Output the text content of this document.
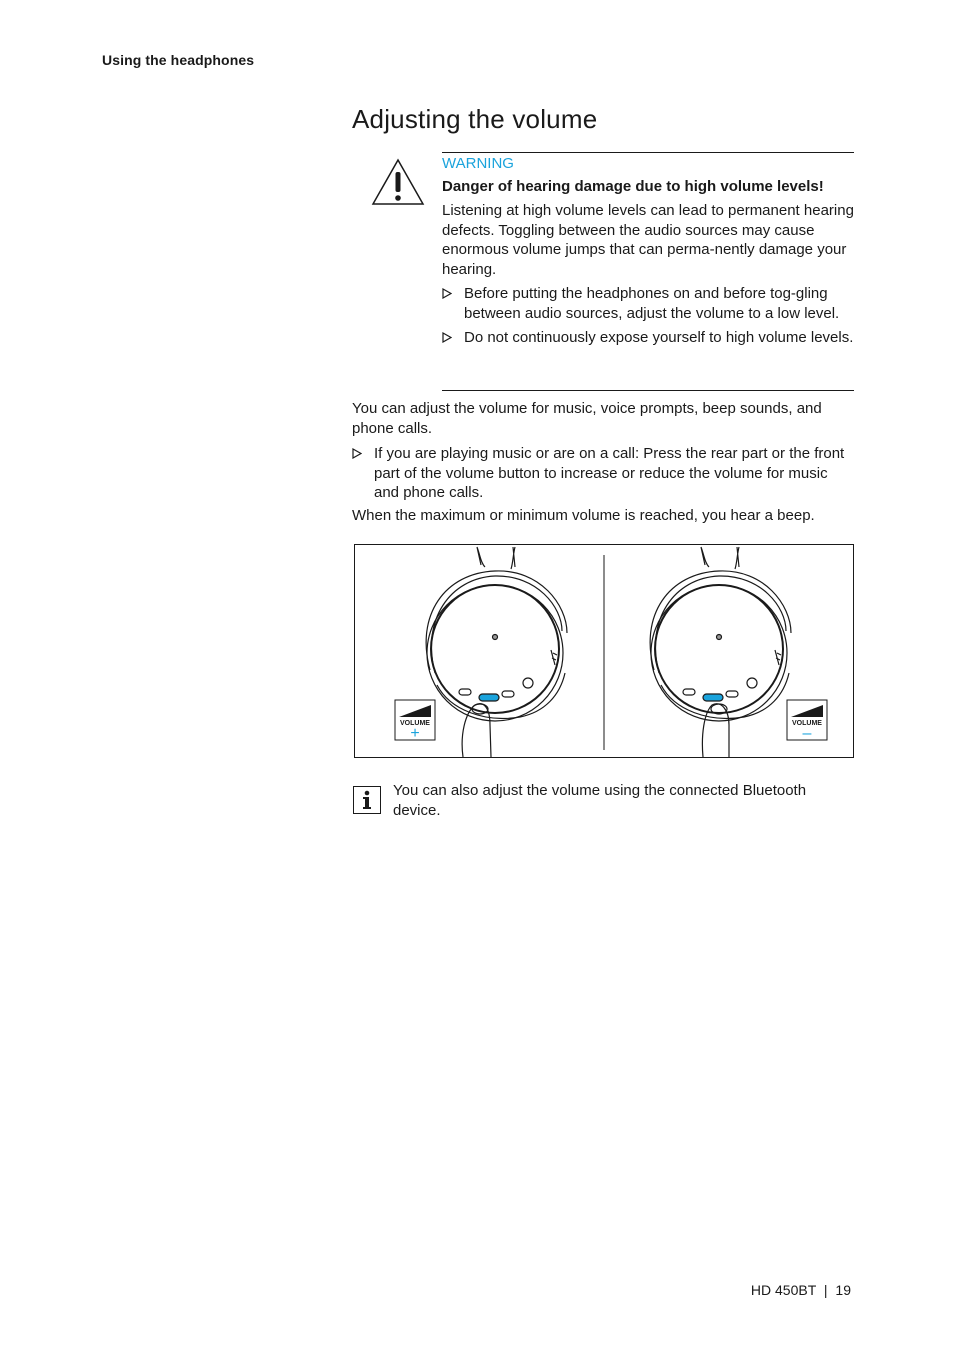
Using the headphones
Adjusting the volume
WARNING
Danger of hearing damage due to high volume levels!
Listening at high volume levels can lead to permanent hearing defects. Toggling between the audio sources may cause enormous volume jumps that can perma-nently damage your hearing.
Before putting the headphones on and before tog-gling between audio sources, adjust the volume to a low level.
Do not continuously expose yourself to high volume levels.
You can adjust the volume for music, voice prompts, beep sounds, and phone calls.
If you are playing music or are on a call: Press the rear part or the front part of the volume button to increase or reduce the volume for music and phone calls.
When the maximum or minimum volume is reached, you hear a beep.
VOLUME
+
VOLUME
–
You can also adjust the volume using the connected Bluetooth device.
HD 450BT | 19
